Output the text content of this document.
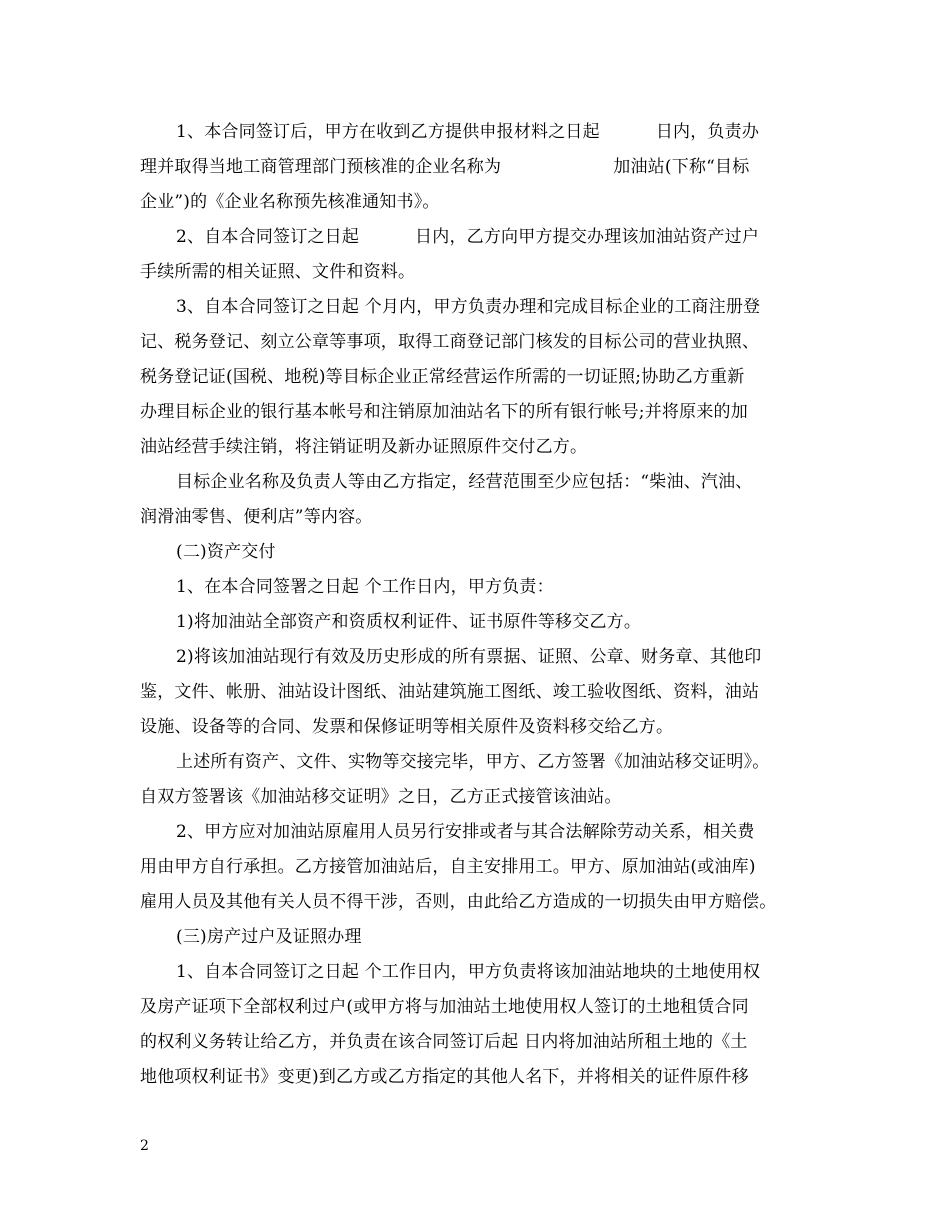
1、本合同签订后，甲方在收到乙方提供申报材料之日起          日内，负责办
理并取得当地工商管理部门预核准的企业名称为                    加油站(下称“目标
企业”)的《企业名称预先核准通知书》。
2、自本合同签订之日起          日内，乙方向甲方提交办理该加油站资产过户
手续所需的相关证照、文件和资料。
3、自本合同签订之日起 个月内，甲方负责办理和完成目标企业的工商注册登
记、税务登记、刻立公章等事项，取得工商登记部门核发的目标公司的营业执照、
税务登记证(国税、地税)等目标企业正常经营运作所需的一切证照;协助乙方重新
办理目标企业的银行基本帐号和注销原加油站名下的所有银行帐号;并将原来的加
油站经营手续注销，将注销证明及新办证照原件交付乙方。
目标企业名称及负责人等由乙方指定，经营范围至少应包括：“柴油、汽油、
润滑油零售、便利店”等内容。
(二)资产交付
1、在本合同签署之日起 个工作日内，甲方负责：
1)将加油站全部资产和资质权利证件、证书原件等移交乙方。
2)将该加油站现行有效及历史形成的所有票据、证照、公章、财务章、其他印
鉴，文件、帐册、油站设计图纸、油站建筑施工图纸、竣工验收图纸、资料，油站
设施、设备等的合同、发票和保修证明等相关原件及资料移交给乙方。
上述所有资产、文件、实物等交接完毕，甲方、乙方签署《加油站移交证明》。
自双方签署该《加油站移交证明》之日，乙方正式接管该油站。
2、甲方应对加油站原雇用人员另行安排或者与其合法解除劳动关系，相关费
用由甲方自行承担。乙方接管加油站后，自主安排用工。甲方、原加油站(或油库)
雇用人员及其他有关人员不得干涉，否则，由此给乙方造成的一切损失由甲方赔偿。
(三)房产过户及证照办理
1、自本合同签订之日起 个工作日内，甲方负责将该加油站地块的土地使用权
及房产证项下全部权利过户(或甲方将与加油站土地使用权人签订的土地租赁合同
的权利义务转让给乙方，并负责在该合同签订后起 日内将加油站所租土地的《土
地他项权利证书》变更)到乙方或乙方指定的其他人名下，并将相关的证件原件移
2
